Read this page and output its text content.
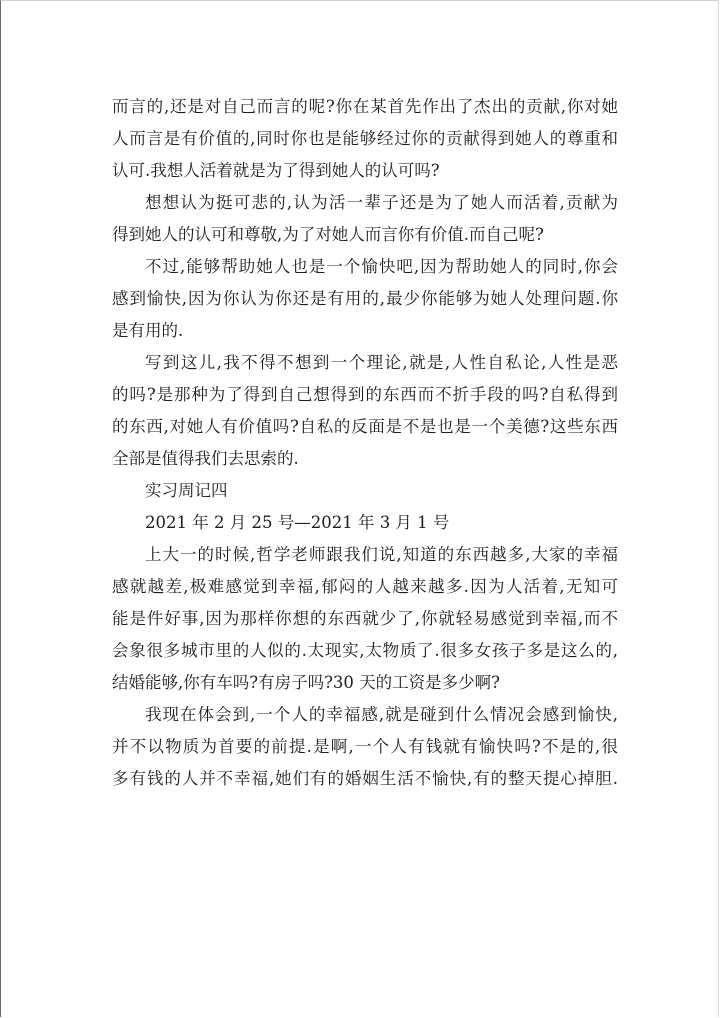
而言的,还是对自己而言的呢?你在某首先作出了杰出的贡献,你对她
人而言是有价值的,同时你也是能够经过你的贡献得到她人的尊重和
认可.我想人活着就是为了得到她人的认可吗?
想想认为挺可悲的,认为活一辈子还是为了她人而活着,贡献为
得到她人的认可和尊敬,为了对她人而言你有价值.而自己呢?
不过,能够帮助她人也是一个愉快吧,因为帮助她人的同时,你会
感到愉快,因为你认为你还是有用的,最少你能够为她人处理问题.你
是有用的.
写到这儿,我不得不想到一个理论,就是,人性自私论,人性是恶
的吗?是那种为了得到自己想得到的东西而不折手段的吗?自私得到
的东西,对她人有价值吗?自私的反面是不是也是一个美德?这些东西
全部是值得我们去思索的.
实习周记四
2021 年 2 月 25 号—2021 年 3 月 1 号
上大一的时候,哲学老师跟我们说,知道的东西越多,大家的幸福
感就越差,极难感觉到幸福,郁闷的人越来越多.因为人活着,无知可
能是件好事,因为那样你想的东西就少了,你就轻易感觉到幸福,而不
会象很多城市里的人似的.太现实,太物质了.很多女孩子多是这么的,
结婚能够,你有车吗?有房子吗?30 天的工资是多少啊?
我现在体会到,一个人的幸福感,就是碰到什么情况会感到愉快,
并不以物质为首要的前提.是啊,一个人有钱就有愉快吗?不是的,很
多有钱的人并不幸福,她们有的婚姻生活不愉快,有的整天提心掉胆.
